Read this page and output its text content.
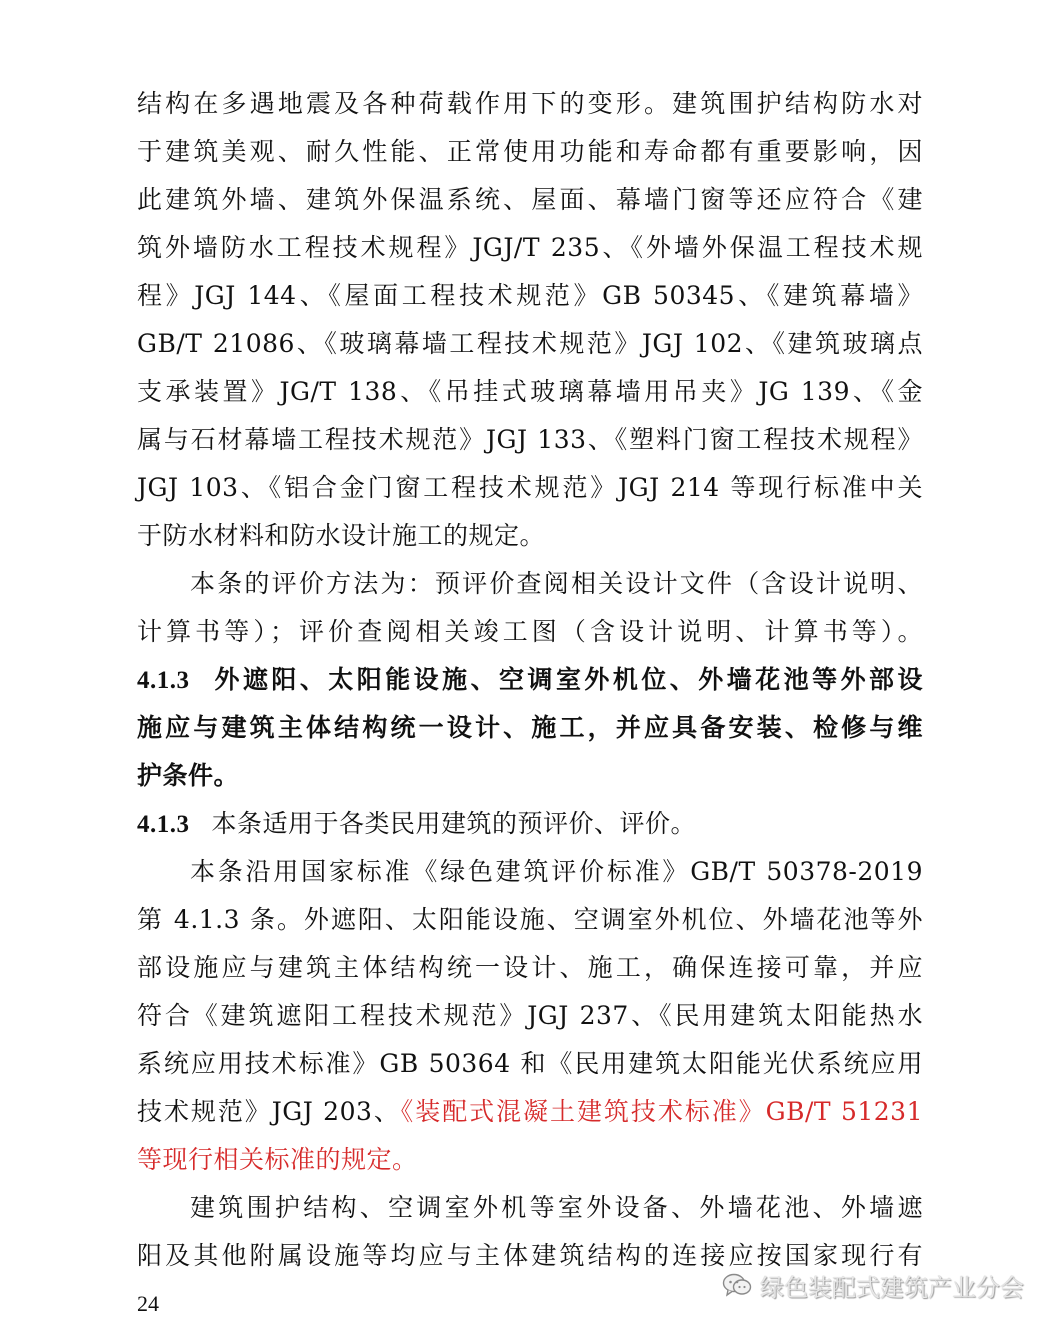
结构在多遇地震及各种荷载作用下的变形。建筑围护结构防水对
于建筑美观、耐久性能、正常使用功能和寿命都有重要影响，因
此建筑外墙、建筑外保温系统、屋面、幕墙门窗等还应符合《建
筑外墙防水工程技术规程》JGJ/T 235、《外墙外保温工程技术规
程》JGJ 144、《屋面工程技术规范》GB 50345、《建筑幕墙》
GB/T 21086、《玻璃幕墙工程技术规范》JGJ 102、《建筑玻璃点
支承装置》JG/T 138、《吊挂式玻璃幕墙用吊夹》JG 139、《金
属与石材幕墙工程技术规范》JGJ 133、《塑料门窗工程技术规程》
JGJ 103、《铝合金门窗工程技术规范》JGJ 214 等现行标准中关
于防水材料和防水设计施工的规定。
本条的评价方法为：预评价查阅相关设计文件（含设计说明、
计算书等）；评价查阅相关竣工图（含设计说明、计算书等）。
4.1.3 外遮阳、太阳能设施、空调室外机位、外墙花池等外部设
施应与建筑主体结构统一设计、施工，并应具备安装、检修与维
护条件。
4.1.3 本条适用于各类民用建筑的预评价、评价。
本条沿用国家标准《绿色建筑评价标准》GB/T 50378-2019
第 4.1.3 条。外遮阳、太阳能设施、空调室外机位、外墙花池等外
部设施应与建筑主体结构统一设计、施工，确保连接可靠，并应
符合《建筑遮阳工程技术规范》JGJ 237、《民用建筑太阳能热水
系统应用技术标准》GB 50364 和《民用建筑太阳能光伏系统应用
技术规范》JGJ 203、《装配式混凝土建筑技术标准》GB/T 51231
等现行相关标准的规定。
建筑围护结构、空调室外机等室外设备、外墙花池、外墙遮
阳及其他附属设施等均应与主体建筑结构的连接应按国家现行有
24
绿色装配式建筑产业分会
